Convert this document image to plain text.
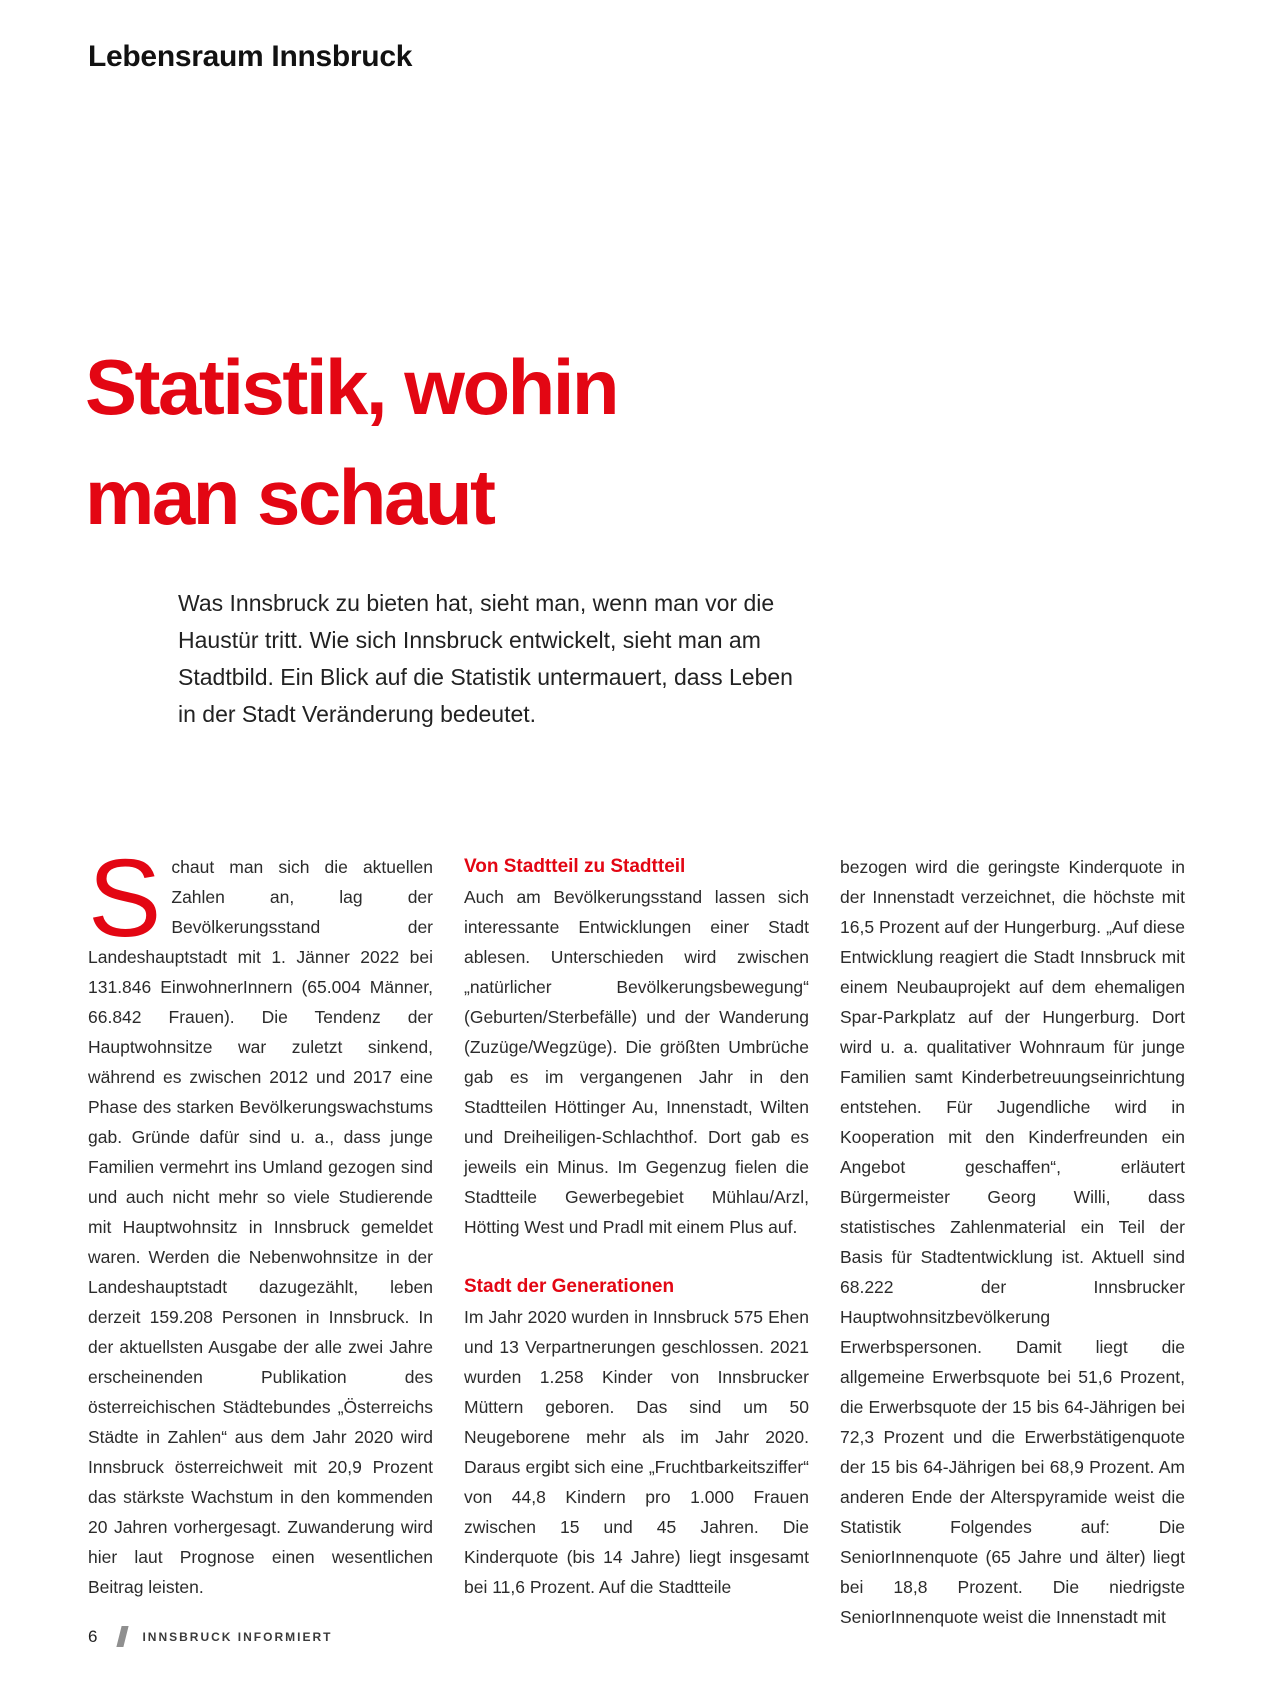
Lebensraum Innsbruck
Statistik, wohin
man schaut
Was Innsbruck zu bieten hat, sieht man, wenn man vor die Haustür tritt. Wie sich Innsbruck entwickelt, sieht man am Stadtbild. Ein Blick auf die Statistik untermauert, dass Leben in der Stadt Veränderung bedeutet.

Schaut man sich die aktuellen Zahlen an, lag der Bevölkerungsstand der Landeshauptstadt mit 1. Jänner 2022 bei 131.846 EinwohnerInnern (65.004 Männer, 66.842 Frauen). Die Tendenz der Hauptwohnsitze war zuletzt sinkend, während es zwischen 2012 und 2017 eine Phase des starken Bevölkerungswachstums gab. Gründe dafür sind u. a., dass junge Familien vermehrt ins Umland gezogen sind und auch nicht mehr so viele Studierende mit Hauptwohnsitz in Innsbruck gemeldet waren. Werden die Nebenwohnsitze in der Landeshauptstadt dazugezählt, leben derzeit 159.208 Personen in Innsbruck. In der aktuellsten Ausgabe der alle zwei Jahre erscheinenden Publikation des österreichischen Städtebundes „Österreichs Städte in Zahlen“ aus dem Jahr 2020 wird Innsbruck österreichweit mit 20,9 Prozent das stärkste Wachstum in den kommenden 20 Jahren vorhergesagt. Zuwanderung wird hier laut Prognose einen wesentlichen Beitrag leisten.

Von Stadtteil zu Stadtteil

Auch am Bevölkerungsstand lassen sich interessante Entwicklungen einer Stadt ablesen. Unterschieden wird zwischen „natürlicher Bevölkerungsbewegung“ (Geburten/Sterbefälle) und der Wanderung (Zuzüge/Wegzüge). Die größten Umbrüche gab es im vergangenen Jahr in den Stadtteilen Höttinger Au, Innenstadt, Wilten und Dreiheiligen-Schlachthof. Dort gab es jeweils ein Minus. Im Gegenzug fielen die Stadtteile Gewerbegebiet Mühlau/Arzl, Hötting West und Pradl mit einem Plus auf.

Stadt der Generationen

Im Jahr 2020 wurden in Innsbruck 575 Ehen und 13 Verpartnerungen geschlossen. 2021 wurden 1.258 Kinder von Innsbrucker Müttern geboren. Das sind um 50 Neugeborene mehr als im Jahr 2020. Daraus ergibt sich eine „Fruchtbarkeitsziffer“ von 44,8 Kindern pro 1.000 Frauen zwischen 15 und 45 Jahren. Die Kinderquote (bis 14 Jahre) liegt insgesamt bei 11,6 Prozent. Auf die Stadtteile

bezogen wird die geringste Kinderquote in der Innenstadt verzeichnet, die höchste mit 16,5 Prozent auf der Hungerburg. „Auf diese Entwicklung reagiert die Stadt Innsbruck mit einem Neubauprojekt auf dem ehemaligen Spar-Parkplatz auf der Hungerburg. Dort wird u. a. qualitativer Wohnraum für junge Familien samt Kinderbetreuungseinrichtung entstehen. Für Jugendliche wird in Kooperation mit den Kinderfreunden ein Angebot geschaffen“, erläutert Bürgermeister Georg Willi, dass statistisches Zahlenmaterial ein Teil der Basis für Stadtentwicklung ist. Aktuell sind 68.222 der Innsbrucker Hauptwohnsitzbevölkerung Erwerbspersonen. Damit liegt die allgemeine Erwerbsquote bei 51,6 Prozent, die Erwerbsquote der 15 bis 64-Jährigen bei 72,3 Prozent und die Erwerbstätigenquote der 15 bis 64-Jährigen bei 68,9 Prozent. Am anderen Ende der Alterspyramide weist die Statistik Folgendes auf: Die SeniorInnenquote (65 Jahre und älter) liegt bei 18,8 Prozent. Die niedrigste SeniorInnenquote weist die Innenstadt mit

6	INNSBRUCK INFORMIERT
